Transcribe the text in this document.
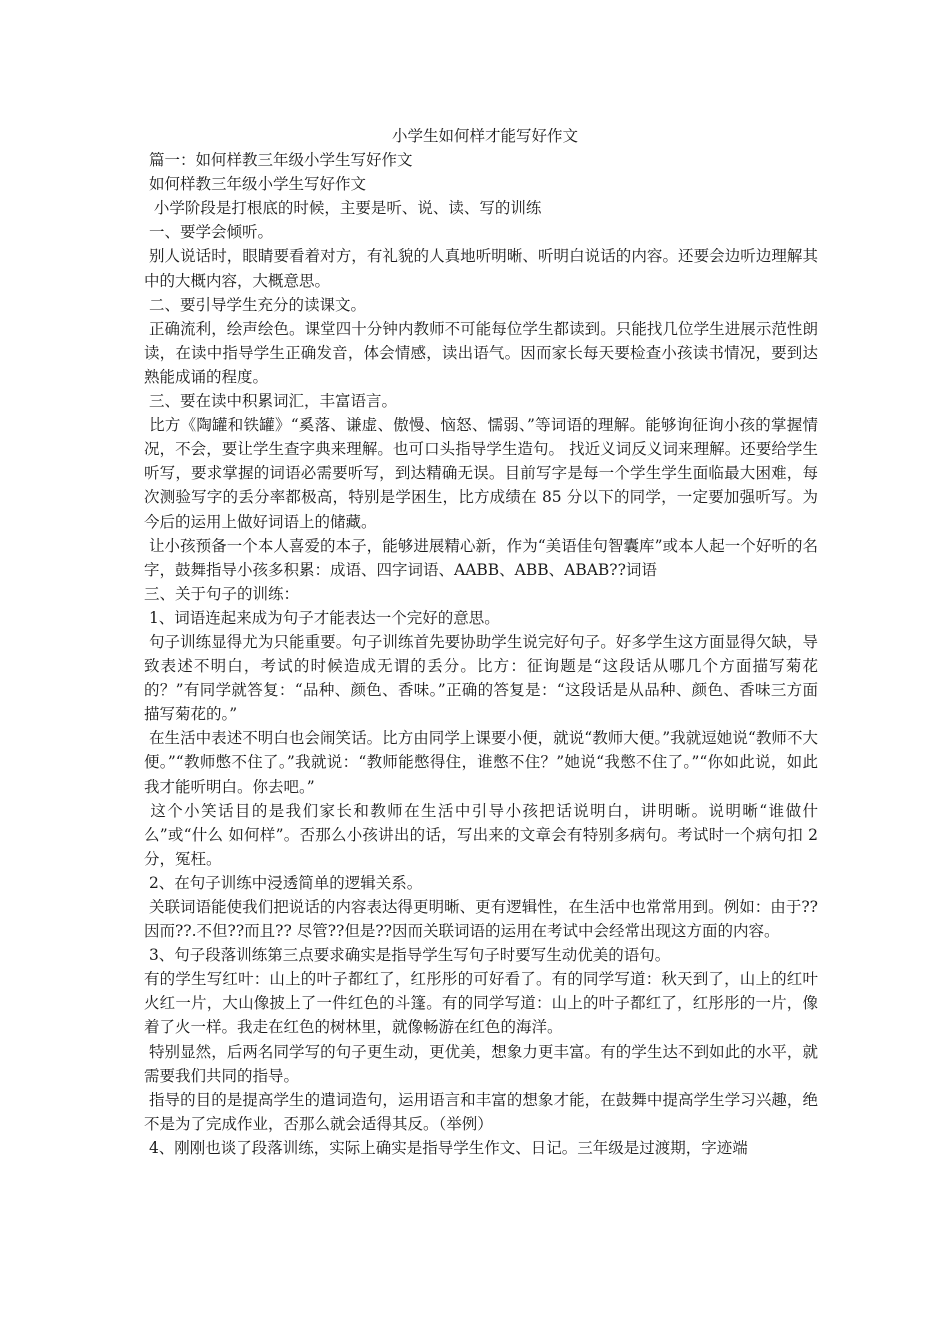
小学生如何样才能写好作文

篇一：如何样教三年级小学生写好作文

如何样教三年级小学生写好作文

小学阶段是打根底的时候，主要是听、说、读、写的训练

一、要学会倾听。

别人说话时，眼睛要看着对方，有礼貌的人真地听明晰、听明白说话的内容。还要会边听边理解其中的大概内容，大概意思。

二、要引导学生充分的读课文。

正确流利，绘声绘色。课堂四十分钟内教师不可能每位学生都读到。只能找几位学生进展示范性朗读，在读中指导学生正确发音，体会情感，读出语气。因而家长每天要检查小孩读书情况，要到达熟能成诵的程度。

三、要在读中积累词汇，丰富语言。

比方《陶罐和铁罐》“奚落、谦虚、傲慢、恼怒、懦弱、”等词语的理解。能够询征询小孩的掌握情况，不会，要让学生查字典来理解。也可口头指导学生造句。 找近义词反义词来理解。还要给学生听写，要求掌握的词语必需要听写，到达精确无误。目前写字是每一个学生学生面临最大困难，每次测验写字的丢分率都极高，特别是学困生，比方成绩在 85 分以下的同学，一定要加强听写。为今后的运用上做好词语上的储藏。

让小孩预备一个本人喜爱的本子，能够进展精心新，作为“美语佳句智囊库”或本人起一个好听的名字，鼓舞指导小孩多积累：成语、四字词语、AABB、ABB、ABAB??词语

三、关于句子的训练：

1、词语连起来成为句子才能表达一个完好的意思。

句子训练显得尤为只能重要。句子训练首先要协助学生说完好句子。好多学生这方面显得欠缺，导致表述不明白，考试的时候造成无谓的丢分。比方：征询题是“这段话从哪几个方面描写菊花的？”有同学就答复：“品种、颜色、香味。”正确的答复是：“这段话是从品种、颜色、香味三方面描写菊花的。”

在生活中表述不明白也会闹笑话。比方由同学上课要小便，就说“教师大便。”我就逗她说“教师不大便。”“教师憋不住了。”我就说：“教师能憋得住，谁憋不住？”她说“我憋不住了。”“你如此说，如此我才能听明白。你去吧。”

这个小笑话目的是我们家长和教师在生活中引导小孩把话说明白，讲明晰。说明晰“谁做什么”或“什么 如何样”。否那么小孩讲出的话，写出来的文章会有特别多病句。考试时一个病句扣 2 分，冤枉。

2、在句子训练中浸透简单的逻辑关系。

关联词语能使我们把说话的内容表达得更明晰、更有逻辑性，在生活中也常常用到。例如：由于??因而??.不但??而且?? 尽管??但是??因而关联词语的运用在考试中会经常出现这方面的内容。

3、句子段落训练第三点要求确实是指导学生写句子时要写生动优美的语句。

有的学生写红叶：山上的叶子都红了，红彤彤的可好看了。有的同学写道：秋天到了，山上的红叶火红一片，大山像披上了一件红色的斗篷。有的同学写道：山上的叶子都红了，红彤彤的一片，像着了火一样。我走在红色的树林里，就像畅游在红色的海洋。

特别显然，后两名同学写的句子更生动，更优美，想象力更丰富。有的学生达不到如此的水平，就需要我们共同的指导。

指导的目的是提高学生的遣词造句，运用语言和丰富的想象才能，在鼓舞中提高学生学习兴趣，绝不是为了完成作业，否那么就会适得其反。（举例）

4、刚刚也谈了段落训练，实际上确实是指导学生作文、日记。三年级是过渡期，字迹端
